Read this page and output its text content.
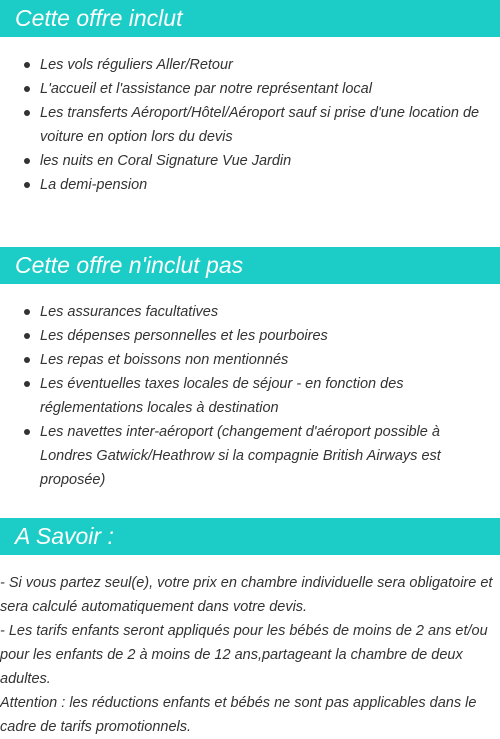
Cette offre inclut
Les vols réguliers Aller/Retour
L'accueil et l'assistance par notre représentant local
Les transferts Aéroport/Hôtel/Aéroport sauf si prise d'une location de voiture en option lors du devis
les nuits en Coral Signature Vue Jardin
La demi-pension
Cette offre n'inclut pas
Les assurances facultatives
Les dépenses personnelles et les pourboires
Les repas et boissons non mentionnés
Les éventuelles taxes locales de séjour - en fonction des réglementations locales à destination
Les navettes inter-aéroport (changement d'aéroport possible à Londres Gatwick/Heathrow si la compagnie British Airways est proposée)
A Savoir :

- Si vous partez seul(e), votre prix en chambre individuelle sera obligatoire et sera calculé automatiquement dans votre devis.

- Les tarifs enfants seront appliqués pour les bébés de moins de 2 ans et/ou pour les enfants de 2 à moins de 12 ans,partageant la chambre de deux adultes.

Attention : les réductions enfants et bébés ne sont pas applicables dans le cadre de tarifs promotionnels.
